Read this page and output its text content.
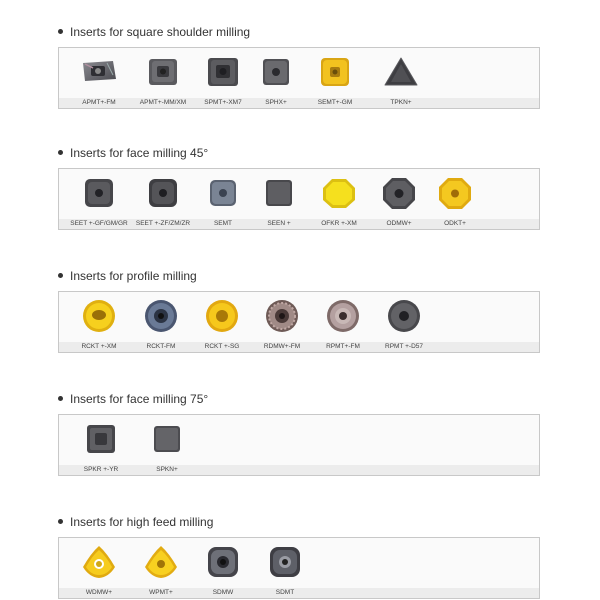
Inserts for square shoulder milling
APMT+-FM	APMT+-MM/XM	SPMT+-XM7	SPHX+	SEMT+-GM	TPKN+
Inserts for face milling 45°
SEET +-GF/GM/GR	SEET +-ZF/ZM/ZR	SEMT	SEEN +	OFKR +-XM	ODMW+	ODKT+
Inserts for profile milling
RCKT +-XM	RCKT-FM	RCKT +-SG	RDMW+-FM	RPMT+-FM	RPMT +-D57
Inserts for face milling 75°
SPKR +-YR	SPKN+
Inserts for high feed milling
WDMW+	WPMT+	SDMW	SDMT
